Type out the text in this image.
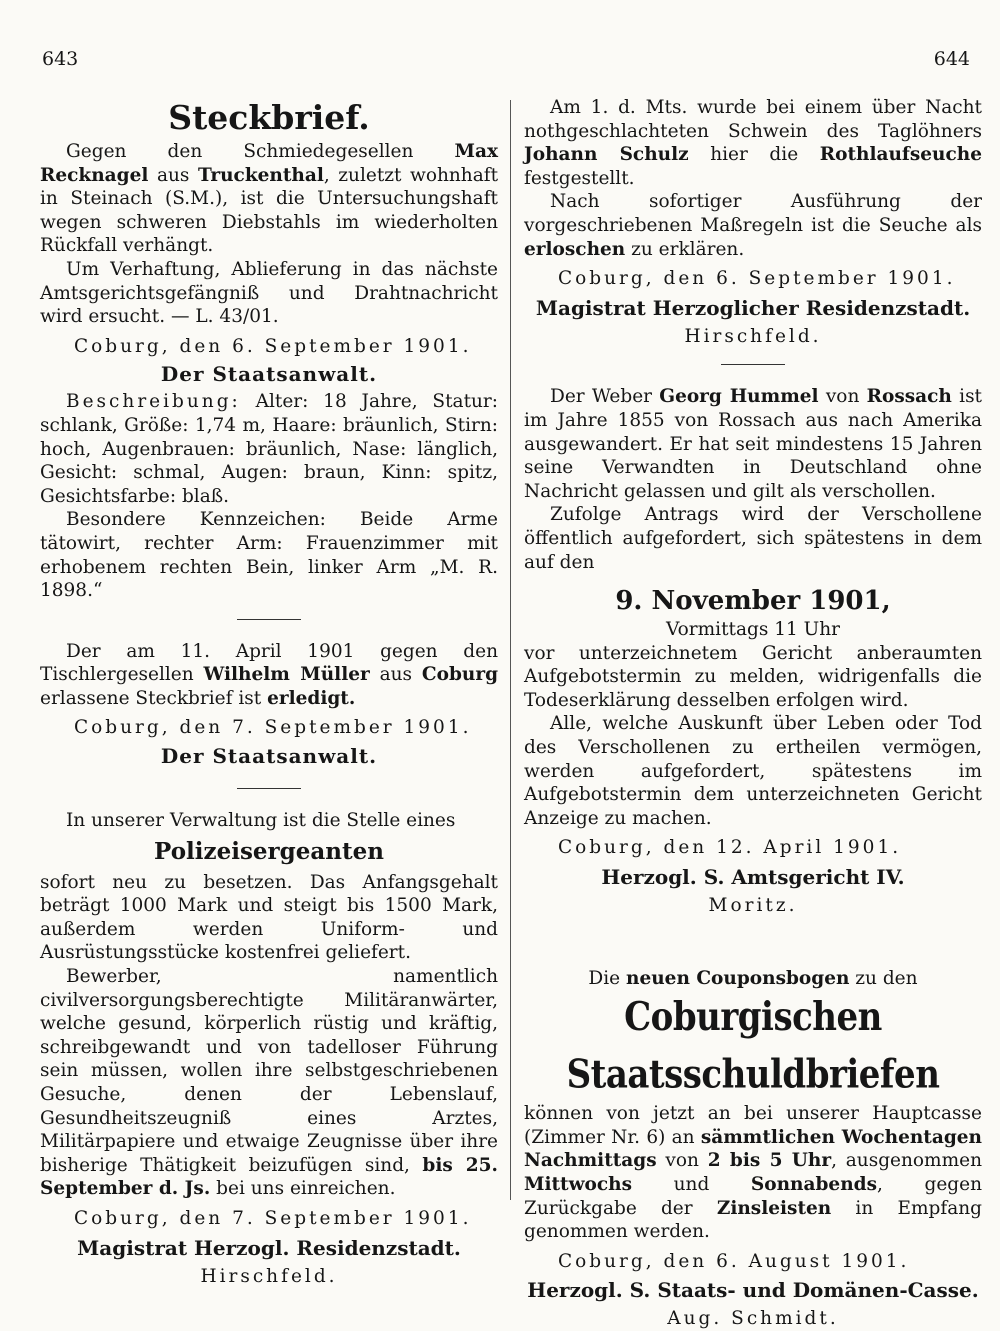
643	644
Steckbrief.

Gegen den Schmiedegesellen Max Recknagel aus Truckenthal, zuletzt wohnhaft in Steinach (S.M.), ist die Untersuchungshaft wegen schweren Diebstahls im wiederholten Rückfall verhängt.

Um Verhaftung, Ablieferung in das nächste Amtsgerichtsgefängniß und Drahtnachricht wird ersucht. — L. 43/01.

Coburg, den 6. September 1901.

Der Staatsanwalt.

Beschreibung: Alter: 18 Jahre, Statur: schlank, Größe: 1,74 m, Haare: bräunlich, Stirn: hoch, Augenbrauen: bräunlich, Nase: länglich, Gesicht: schmal, Augen: braun, Kinn: spitz, Gesichtsfarbe: blaß.

Besondere Kennzeichen: Beide Arme tätowirt, rechter Arm: Frauenzimmer mit erhobenem rechten Bein, linker Arm „M. R. 1898.“

Der am 11. April 1901 gegen den Tischlergesellen Wilhelm Müller aus Coburg erlassene Steckbrief ist erledigt.

Coburg, den 7. September 1901.

Der Staatsanwalt.

In unserer Verwaltung ist die Stelle eines

Polizeisergeanten

sofort neu zu besetzen. Das Anfangsgehalt beträgt 1000 Mark und steigt bis 1500 Mark, außerdem werden Uniform- und Ausrüstungsstücke kostenfrei geliefert.

Bewerber, namentlich civilversorgungsberechtigte Militäranwärter, welche gesund, körperlich rüstig und kräftig, schreibgewandt und von tadelloser Führung sein müssen, wollen ihre selbstgeschriebenen Gesuche, denen der Lebenslauf, Gesundheitszeugniß eines Arztes, Militärpapiere und etwaige Zeugnisse über ihre bisherige Thätigkeit beizufügen sind, bis 25. September d. Js. bei uns einreichen.

Coburg, den 7. September 1901.

Magistrat Herzogl. Residenzstadt.
Hirschfeld.

Am 1. d. Mts. wurde bei einem über Nacht nothgeschlachteten Schwein des Taglöhners Johann Schulz hier die Rothlaufseuche festgestellt.

Nach sofortiger Ausführung der vorgeschriebenen Maßregeln ist die Seuche als erloschen zu erklären.

Coburg, den 6. September 1901.

Magistrat Herzoglicher Residenzstadt.
Hirschfeld.

Der Weber Georg Hummel von Rossach ist im Jahre 1855 von Rossach aus nach Amerika ausgewandert. Er hat seit mindestens 15 Jahren seine Verwandten in Deutschland ohne Nachricht gelassen und gilt als verschollen.

Zufolge Antrags wird der Verschollene öffentlich aufgefordert, sich spätestens in dem auf den

9. November 1901,
Vormittags 11 Uhr

vor unterzeichnetem Gericht anberaumten Aufgebotstermin zu melden, widrigenfalls die Todeserklärung desselben erfolgen wird.

Alle, welche Auskunft über Leben oder Tod des Verschollenen zu ertheilen vermögen, werden aufgefordert, spätestens im Aufgebotstermin dem unterzeichneten Gericht Anzeige zu machen.

Coburg, den 12. April 1901.

Herzogl. S. Amtsgericht IV.
Moritz.
Die neuen Couponsbogen zu den
Coburgischen Staatsschuldbriefen

können von jetzt an bei unserer Hauptcasse (Zimmer Nr. 6) an sämmtlichen Wochentagen Nachmittags von 2 bis 5 Uhr, ausgenommen Mittwochs und Sonnabends, gegen Zurückgabe der Zinsleisten in Empfang genommen werden.

Coburg, den 6. August 1901.

Herzogl. S. Staats- und Domänen-Casse.
Aug. Schmidt.
